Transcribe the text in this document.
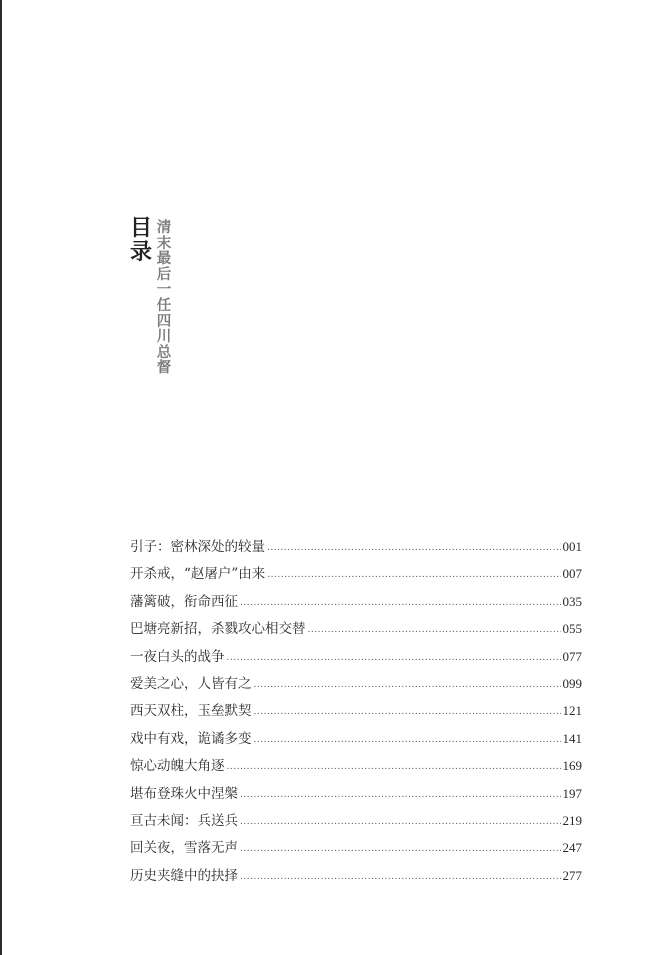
目
录
清
末
最
后
一
任
四
川
总
督
引子：密林深处的较量 .....	001
开杀戒，“赵屠户”由来 .....	007
藩篱破，衔命西征 .....	035
巴塘亮新招，杀戮攻心相交替 .....	055
一夜白头的战争 .....	077
爱美之心，人皆有之 .....	099
西天双柱，玉垒默契 .....	121
戏中有戏，诡谲多变 .....	141
惊心动魄大角逐 .....	169
堪布登珠火中涅槃 .....	197
亘古未闻：兵送兵 .....	219
回关夜，雪落无声 .....	247
历史夹缝中的抉择 .....	277
